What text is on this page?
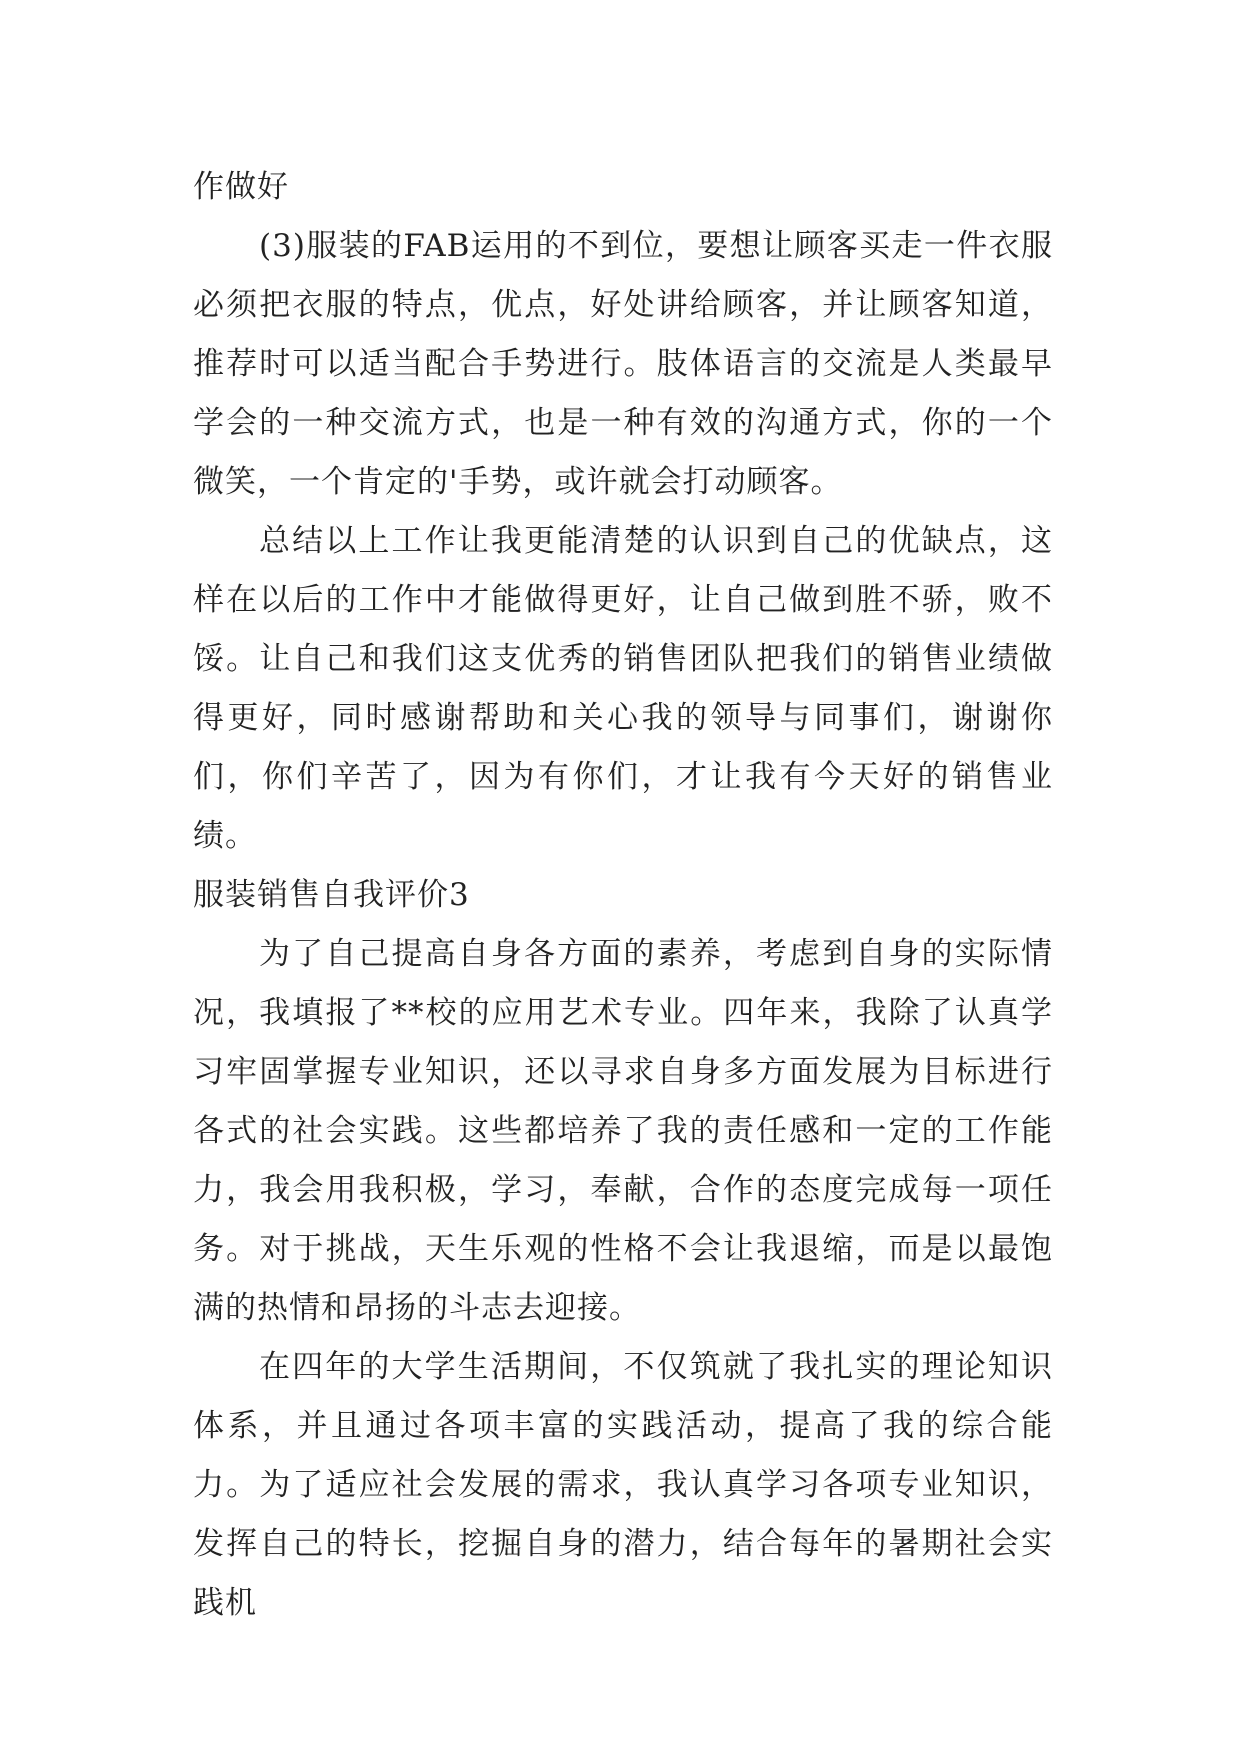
作做好

(3)服装的FAB运用的不到位，要想让顾客买走一件衣服必须把衣服的特点，优点，好处讲给顾客，并让顾客知道，推荐时可以适当配合手势进行。肢体语言的交流是人类最早学会的一种交流方式，也是一种有效的沟通方式，你的一个微笑，一个肯定的'手势，或许就会打动顾客。

总结以上工作让我更能清楚的认识到自己的优缺点，这样在以后的工作中才能做得更好，让自己做到胜不骄，败不馁。让自己和我们这支优秀的销售团队把我们的销售业绩做得更好，同时感谢帮助和关心我的领导与同事们，谢谢你们，你们辛苦了，因为有你们，才让我有今天好的销售业绩。

服装销售自我评价3

为了自己提高自身各方面的素养，考虑到自身的实际情况，我填报了**校的应用艺术专业。四年来，我除了认真学习牢固掌握专业知识，还以寻求自身多方面发展为目标进行各式的社会实践。这些都培养了我的责任感和一定的工作能力，我会用我积极，学习，奉献，合作的态度完成每一项任务。对于挑战，天生乐观的性格不会让我退缩，而是以最饱满的热情和昂扬的斗志去迎接。

在四年的大学生活期间，不仅筑就了我扎实的理论知识体系，并且通过各项丰富的实践活动，提高了我的综合能力。为了适应社会发展的需求，我认真学习各项专业知识，发挥自己的特长，挖掘自身的潜力，结合每年的暑期社会实践机
